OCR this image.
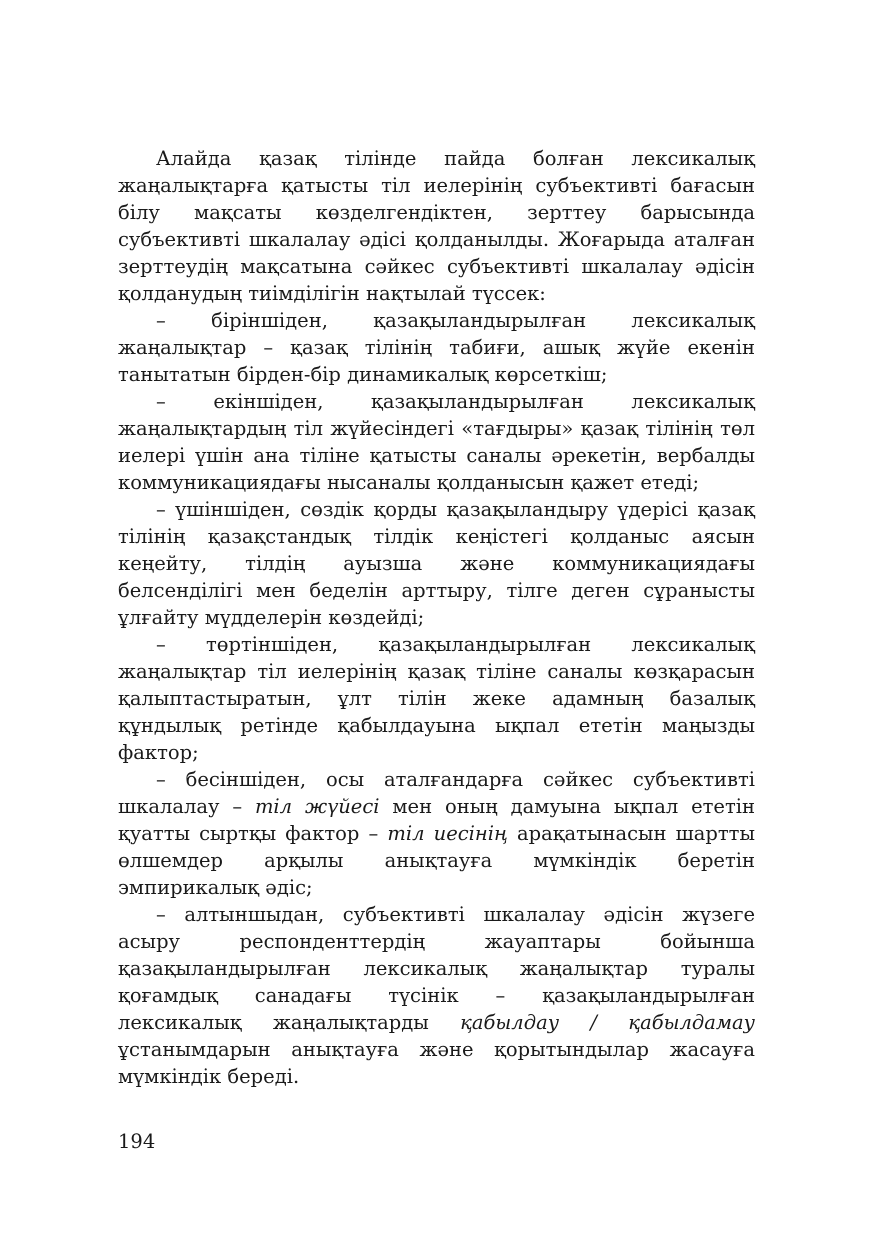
Алайда қазақ тілінде пайда болған лексикалық жаңалықтарға қатысты тіл иелерінің субъективті бағасын білу мақсаты көзделгендіктен, зерттеу барысында субъективті шкалалау әдісі қолданылды. Жоғарыда аталған зерттеудің мақсатына сәйкес субъективті шкалалау әдісін қолданудың тиімділігін нақтылай түссек:

– біріншіден, қазақыландырылған лексикалық жаңалықтар – қазақ тілінің табиғи, ашық жүйе екенін танытатын бірден-бір динамикалық көрсеткіш;

– екіншіден, қазақыландырылған лексикалық жаңалықтардың тіл жүйесіндегі «тағдыры» қазақ тілінің төл иелері үшін ана тіліне қатысты саналы әрекетін, вербалды коммуникациядағы нысаналы қолданысын қажет етеді;

– үшіншіден, сөздік қорды қазақыландыру үдерісі қазақ тілінің қазақстандық тілдік кеңістегі қолданыс аясын кеңейту, тілдің ауызша және коммуникациядағы белсенділігі мен беделін арттыру, тілге деген сұранысты ұлғайту мүдделерін көздейді;

– төртіншіден, қазақыландырылған лексикалық жаңалықтар тіл иелерінің қазақ тіліне саналы көзқарасын қалыптастыратын, ұлт тілін жеке адамның базалық құндылық ретінде қабылдауына ықпал ететін маңызды фактор;

– бесіншіден, осы аталғандарға сәйкес субъективті шкалалау – тіл жүйесі мен оның дамуына ықпал ететін қуатты сыртқы фактор – тіл иесінің арақатынасын шартты өлшемдер арқылы анықтауға мүмкіндік беретін эмпирикалық әдіс;

– алтыншыдан, субъективті шкалалау әдісін жүзеге асыру респонденттердің жауаптары бойынша қазақыландырылған лексикалық жаңалықтар туралы қоғамдық санадағы түсінік – қазақыландырылған лексикалық жаңалықтарды қабылдау / қабылдамау ұстанымдарын анықтауға және қорытындылар жасауға мүмкіндік береді.

194
